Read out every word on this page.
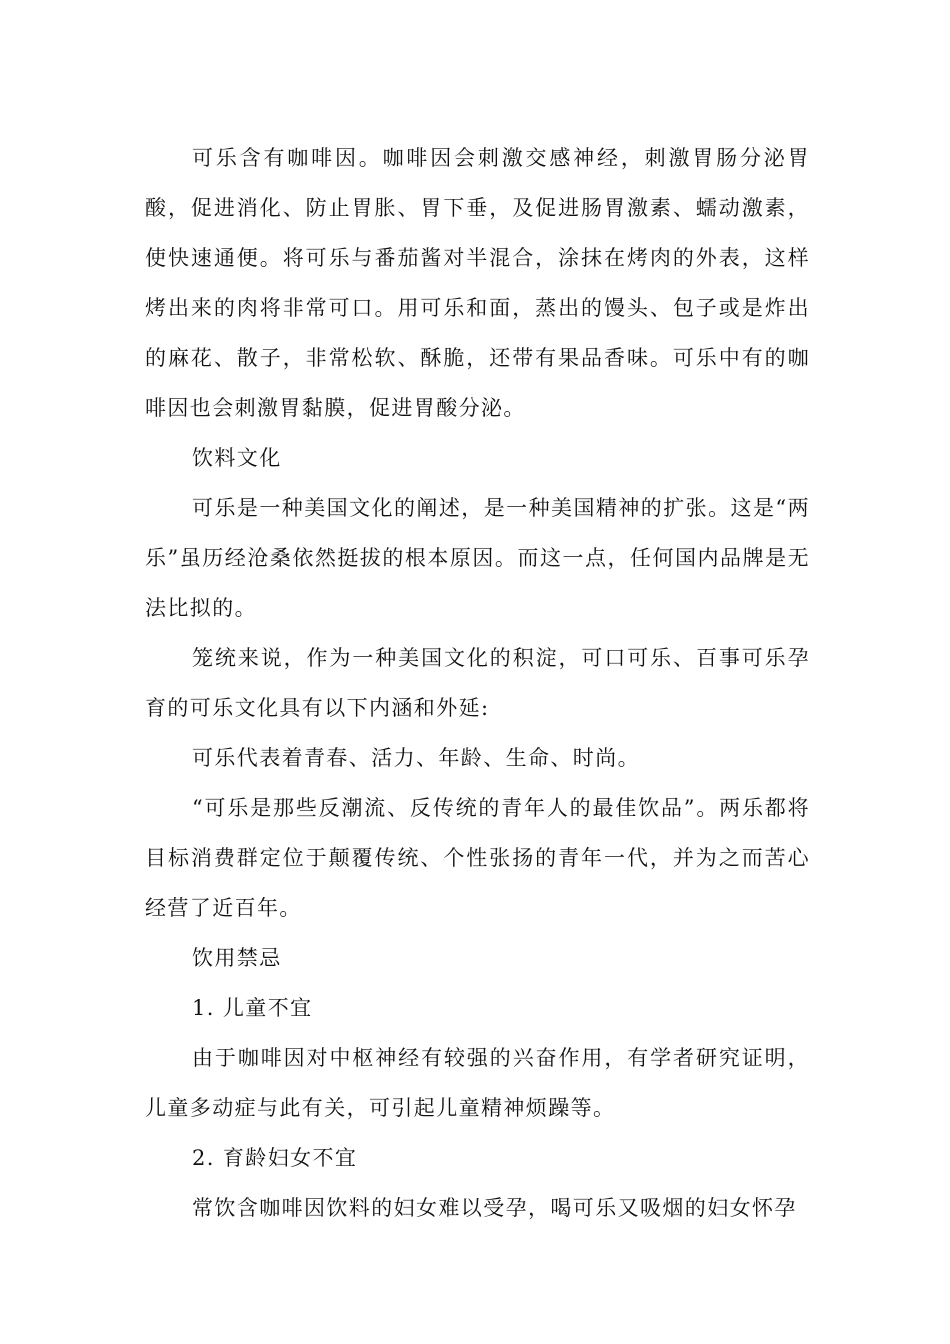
可乐含有咖啡因。咖啡因会刺激交感神经，刺激胃肠分泌胃酸，促进消化、防止胃胀、胃下垂，及促进肠胃激素、蠕动激素，使快速通便。将可乐与番茄酱对半混合，涂抹在烤肉的外表，这样烤出来的肉将非常可口。用可乐和面，蒸出的馒头、包子或是炸出的麻花、散子，非常松软、酥脆，还带有果品香味。可乐中有的咖啡因也会刺激胃黏膜，促进胃酸分泌。

饮料文化

可乐是一种美国文化的阐述，是一种美国精神的扩张。这是“两乐”虽历经沧桑依然挺拔的根本原因。而这一点，任何国内品牌是无法比拟的。

笼统来说，作为一种美国文化的积淀，可口可乐、百事可乐孕育的可乐文化具有以下内涵和外延:

可乐代表着青春、活力、年龄、生命、时尚。

“可乐是那些反潮流、反传统的青年人的最佳饮品”。两乐都将目标消费群定位于颠覆传统、个性张扬的青年一代，并为之而苦心经营了近百年。

饮用禁忌

1. 儿童不宜

由于咖啡因对中枢神经有较强的兴奋作用，有学者研究证明，儿童多动症与此有关，可引起儿童精神烦躁等。

2. 育龄妇女不宜

常饮含咖啡因饮料的妇女难以受孕，喝可乐又吸烟的妇女怀孕
